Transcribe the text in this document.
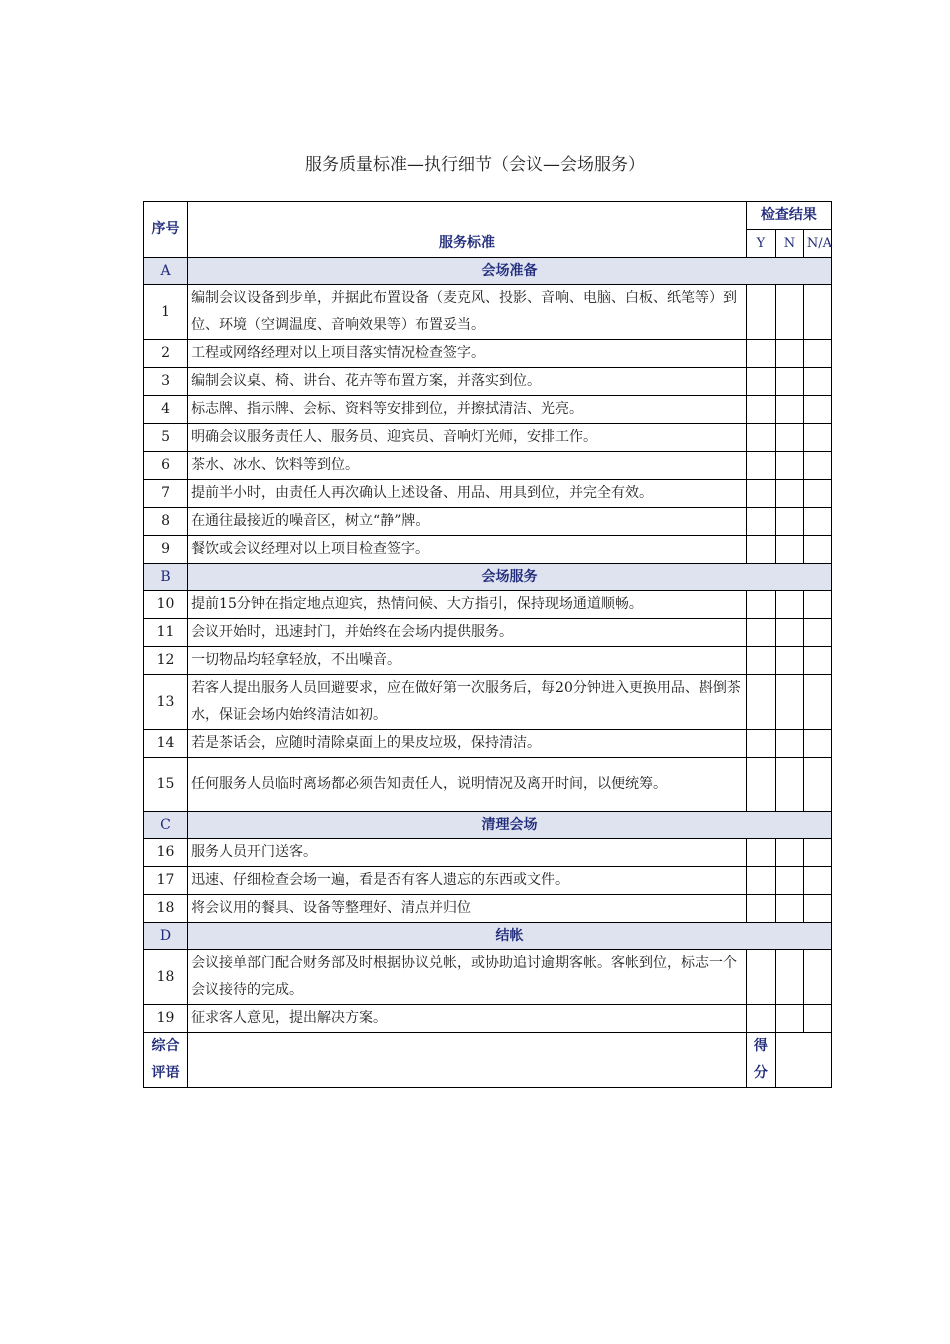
服务质量标准—执行细节（会议—会场服务）
序号	服务标准	检查结果		
		Y	N	N/A
A	会场准备			
1	编制会议设备到步单，并据此布置设备（麦克风、投影、音响、电脑、白板、纸笔等）到位、环境（空调温度、音响效果等）布置妥当。			
2	工程或网络经理对以上项目落实情况检查签字。			
3	编制会议桌、椅、讲台、花卉等布置方案，并落实到位。			
4	标志牌、指示牌、会标、资料等安排到位，并擦拭清洁、光亮。			
5	明确会议服务责任人、服务员、迎宾员、音响灯光师，安排工作。			
6	茶水、冰水、饮料等到位。			
7	提前半小时，由责任人再次确认上述设备、用品、用具到位，并完全有效。			
8	在通往最接近的噪音区，树立“静”牌。			
9	餐饮或会议经理对以上项目检查签字。			
B	会场服务			
10	提前15分钟在指定地点迎宾，热情问候、大方指引，保持现场通道顺畅。			
11	会议开始时，迅速封门，并始终在会场内提供服务。			
12	一切物品均轻拿轻放，不出噪音。			
13	若客人提出服务人员回避要求，应在做好第一次服务后，每20分钟进入更换用品、斟倒茶水，保证会场内始终清洁如初。			
14	若是茶话会，应随时清除桌面上的果皮垃圾，保持清洁。			
15	任何服务人员临时离场都必须告知责任人，说明情况及离开时间，以便统筹。			
C	清理会场			
16	服务人员开门送客。			
17	迅速、仔细检查会场一遍，看是否有客人遗忘的东西或文件。			
18	将会议用的餐具、设备等整理好、清点并归位			
D	结帐			
18	会议接单部门配合财务部及时根据协议兑帐，或协助追讨逾期客帐。客帐到位，标志一个会议接待的完成。			
19	征求客人意见，提出解决方案。			
综合评语		得分		
